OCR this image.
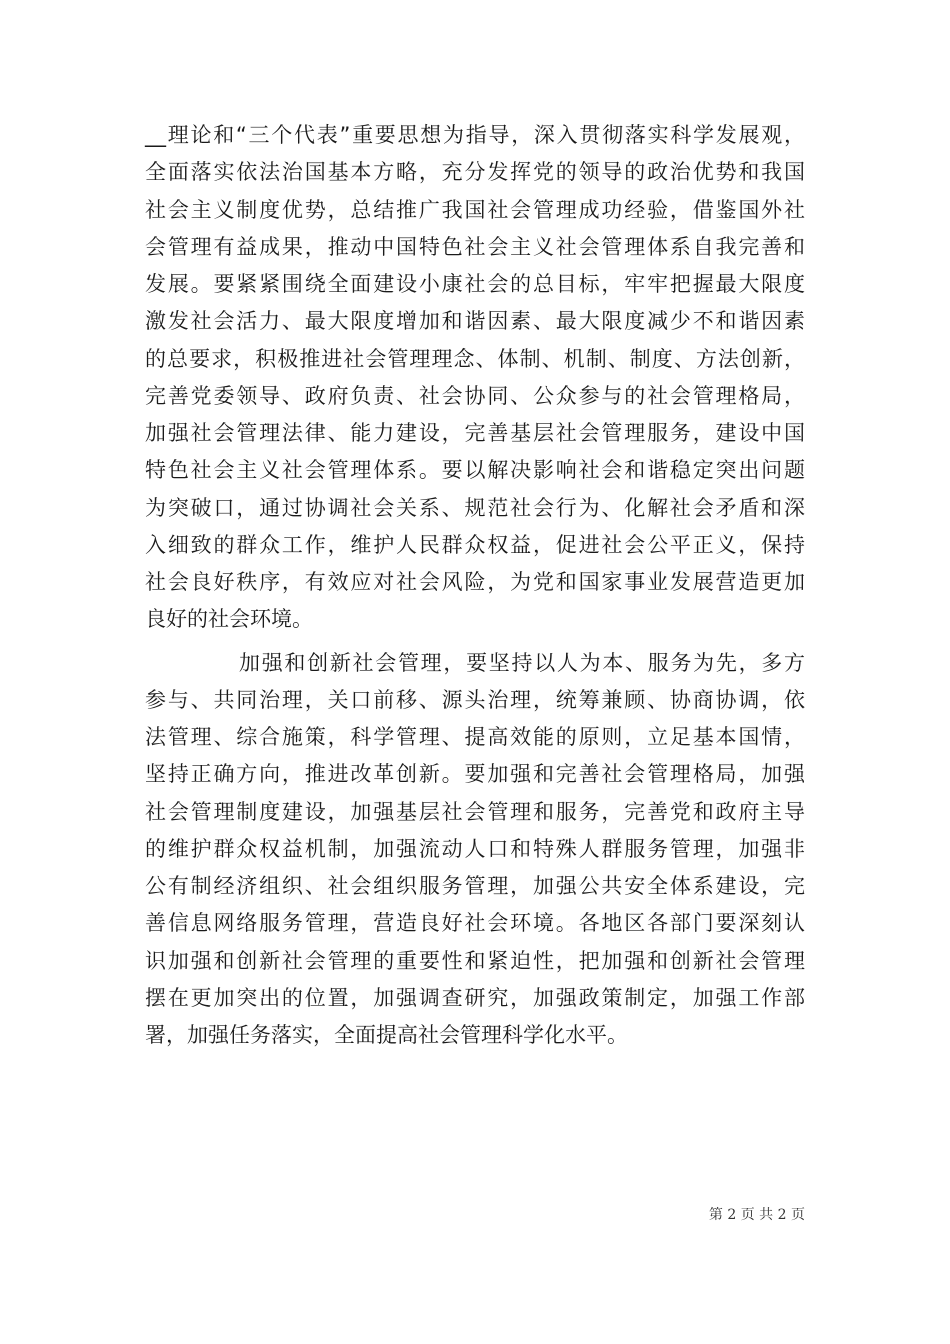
__理论和“三个代表”重要思想为指导，深入贯彻落实科学发展观，
全面落实依法治国基本方略，充分发挥党的领导的政治优势和我国
社会主义制度优势，总结推广我国社会管理成功经验，借鉴国外社
会管理有益成果，推动中国特色社会主义社会管理体系自我完善和
发展。要紧紧围绕全面建设小康社会的总目标，牢牢把握最大限度
激发社会活力、最大限度增加和谐因素、最大限度减少不和谐因素
的总要求，积极推进社会管理理念、体制、机制、制度、方法创新，
完善党委领导、政府负责、社会协同、公众参与的社会管理格局，
加强社会管理法律、能力建设，完善基层社会管理服务，建设中国
特色社会主义社会管理体系。要以解决影响社会和谐稳定突出问题
为突破口，通过协调社会关系、规范社会行为、化解社会矛盾和深
入细致的群众工作，维护人民群众权益，促进社会公平正义，保持
社会良好秩序，有效应对社会风险，为党和国家事业发展营造更加
良好的社会环境。
加强和创新社会管理，要坚持以人为本、服务为先，多方
参与、共同治理，关口前移、源头治理，统筹兼顾、协商协调，依
法管理、综合施策，科学管理、提高效能的原则，立足基本国情，
坚持正确方向，推进改革创新。要加强和完善社会管理格局，加强
社会管理制度建设，加强基层社会管理和服务，完善党和政府主导
的维护群众权益机制，加强流动人口和特殊人群服务管理，加强非
公有制经济组织、社会组织服务管理，加强公共安全体系建设，完
善信息网络服务管理，营造良好社会环境。各地区各部门要深刻认
识加强和创新社会管理的重要性和紧迫性，把加强和创新社会管理
摆在更加突出的位置，加强调查研究，加强政策制定，加强工作部
署，加强任务落实，全面提高社会管理科学化水平。
第 2 页 共 2 页
